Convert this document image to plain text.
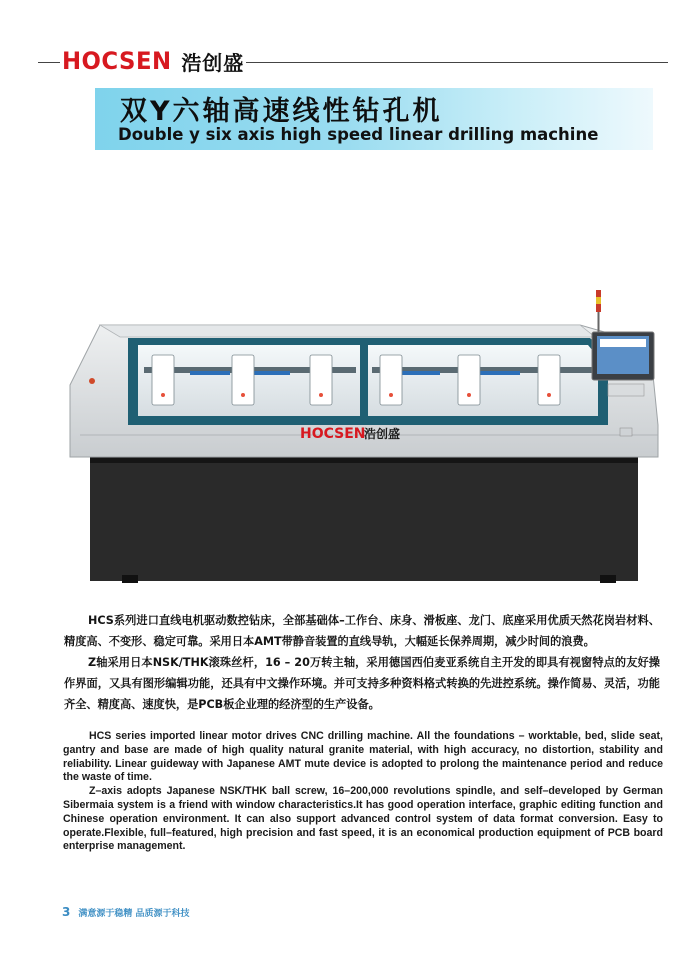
HOCSEN 浩创盛
双Y六轴高速线性钻孔机
Double y six axis high speed linear drilling machine
HOCSEN
浩创盛

HCS系列进口直线电机驱动数控钻床，全部基础体–工作台、床身、滑板座、龙门、底座采用优质天然花岗岩材料、精度高、不变形、稳定可靠。采用日本AMT带静音装置的直线导轨，大幅延长保养周期，减少时间的浪费。

Z轴采用日本NSK/THK滚珠丝杆，16 – 20万转主轴，采用德国西伯麦亚系统自主开发的即具有视窗特点的友好操作界面，又具有图形编辑功能，还具有中文操作环境。并可支持多种资料格式转换的先进控系统。操作简易、灵活，功能齐全、精度高、速度快，是PCB板企业理的经济型的生产设备。

HCS series imported linear motor drives CNC drilling machine. All the foundations – worktable, bed, slide seat, gantry and base are made of high quality natural granite material, with high accuracy, no distortion, stability and reliability. Linear guideway with Japanese AMT mute device is adopted to prolong the maintenance period and reduce the waste of time.

Z–axis adopts Japanese NSK/THK ball screw, 16–200,000 revolutions spindle, and self–developed by German Sibermaia system is a friend with window characteristics.It has good operation interface, graphic editing function and Chinese operation environment. It can also support advanced control system of data format conversion. Easy to operate.Flexible, full–featured, high precision and fast speed, it is an economical production equipment of PCB board enterprise management.

3 满意源于稳精 品质源于科技
